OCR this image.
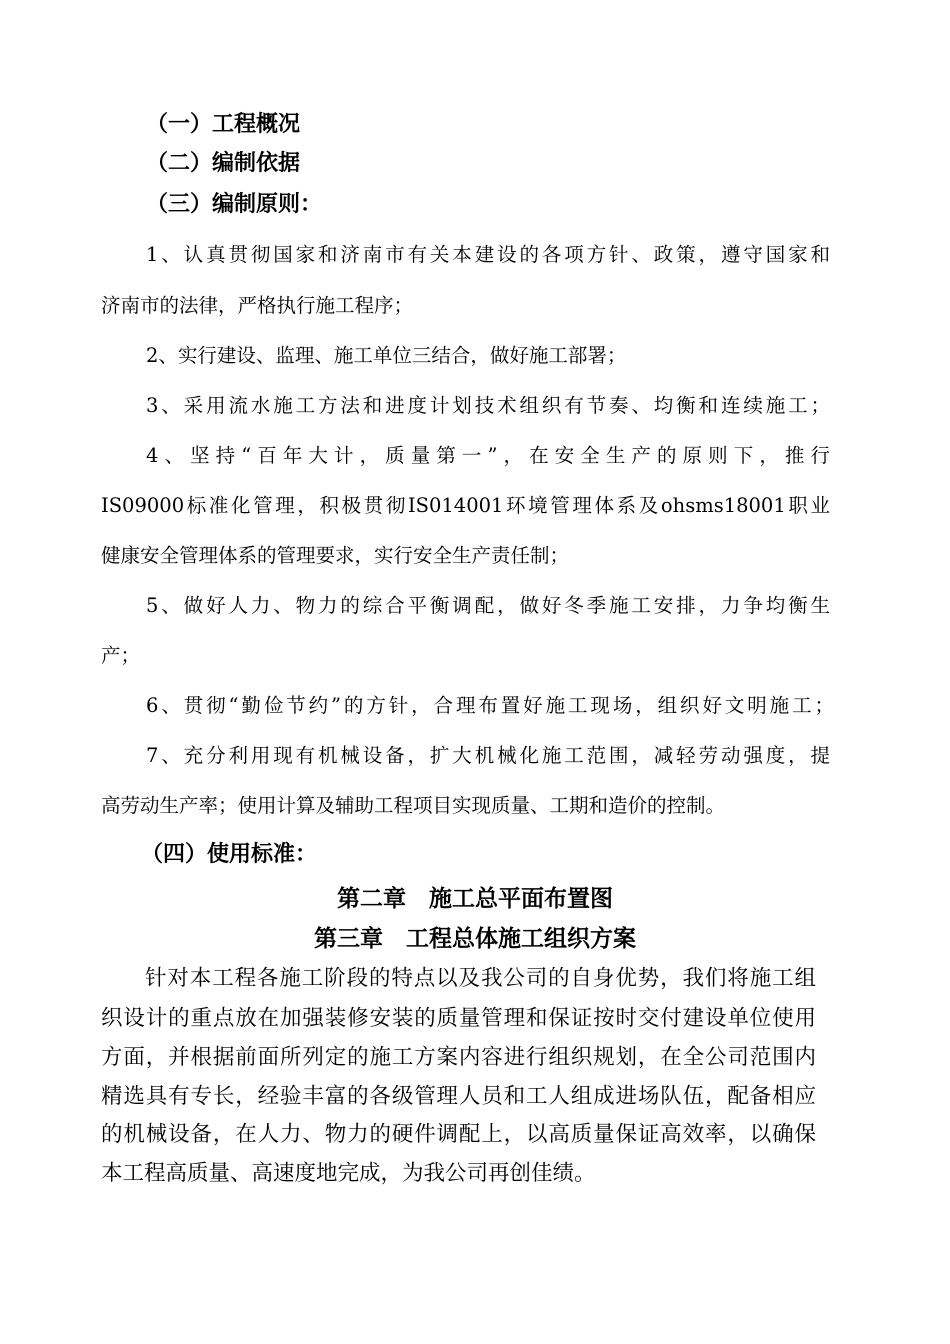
（一）工程概况
（二）编制依据
（三）编制原则：
1、认真贯彻国家和济南市有关本建设的各项方针、政策，遵守国家和
济南市的法律，严格执行施工程序；
2、实行建设、监理、施工单位三结合，做好施工部署；
3、采用流水施工方法和进度计划技术组织有节奏、均衡和连续施工；
4、坚持“百年大计，质量第一”，在安全生产的原则下，推行
IS09000标准化管理，积极贯彻IS014001环境管理体系及ohsms18001职业
健康安全管理体系的管理要求，实行安全生产责任制；
5、做好人力、物力的综合平衡调配，做好冬季施工安排，力争均衡生
产；
6、贯彻“勤俭节约”的方针，合理布置好施工现场，组织好文明施工；
7、充分利用现有机械设备，扩大机械化施工范围，减轻劳动强度，提
高劳动生产率；使用计算及辅助工程项目实现质量、工期和造价的控制。
（四）使用标准：
第二章　施工总平面布置图
第三章　工程总体施工组织方案
针对本工程各施工阶段的特点以及我公司的自身优势，我们将施工组
织设计的重点放在加强装修安装的质量管理和保证按时交付建设单位使用
方面，并根据前面所列定的施工方案内容进行组织规划，在全公司范围内
精选具有专长，经验丰富的各级管理人员和工人组成进场队伍，配备相应
的机械设备，在人力、物力的硬件调配上，以高质量保证高效率，以确保
本工程高质量、高速度地完成，为我公司再创佳绩。
